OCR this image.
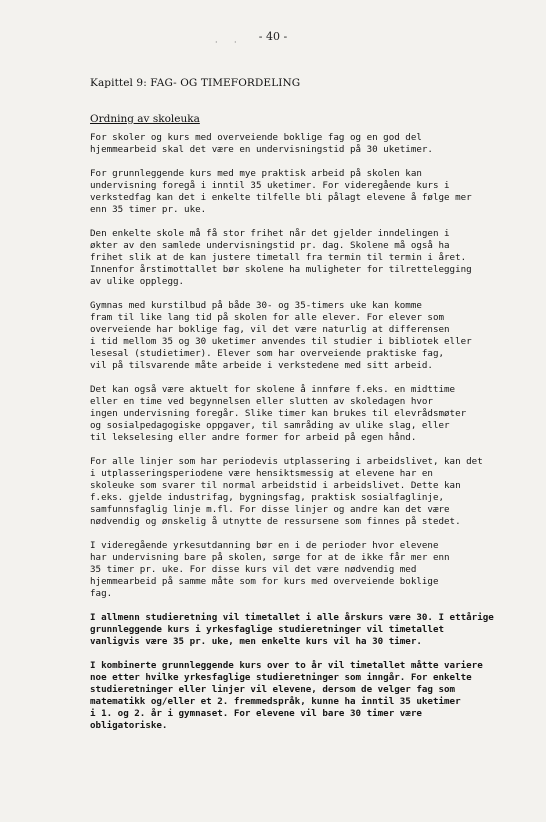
· ·	- 40 -
Kapittel 9: FAG- OG TIMEFORDELING
Ordning av skoleuka
For skoler og kurs med overveiende boklige fag og en god del
hjemmearbeid skal det være en undervisningstid på 30 uketimer.
For grunnleggende kurs med mye praktisk arbeid på skolen kan
undervisning foregå i inntil 35 uketimer. For videregående kurs i
verkstedfag kan det i enkelte tilfelle bli pålagt elevene å følge mer
enn 35 timer pr. uke.
Den enkelte skole må få stor frihet når det gjelder inndelingen i
økter av den samlede undervisningstid pr. dag. Skolene må også ha
frihet slik at de kan justere timetall fra termin til termin i året.
Innenfor årstimottallet bør skolene ha muligheter for tilrettelegging
av ulike opplegg.
Gymnas med kurstilbud på både 30- og 35-timers uke kan komme
fram til like lang tid på skolen for alle elever. For elever som
overveiende har boklige fag, vil det være naturlig at differensen
i tid mellom 35 og 30 uketimer anvendes til studier i bibliotek eller
lesesal (studietimer). Elever som har overveiende praktiske fag,
vil på tilsvarende måte arbeide i verkstedene med sitt arbeid.
Det kan også være aktuelt for skolene å innføre f.eks. en midttime
eller en time ved begynnelsen eller slutten av skoledagen hvor
ingen undervisning foregår. Slike timer kan brukes til elevrådsmøter
og sosialpedagogiske oppgaver, til samråding av ulike slag, eller
til lekselesing eller andre former for arbeid på egen hånd.
For alle linjer som har periodevis utplassering i arbeidslivet, kan det
i utplasseringsperiodene være hensiktsmessig at elevene har en
skoleuke som svarer til normal arbeidstid i arbeidslivet. Dette kan
f.eks. gjelde industrifag, bygningsfag, praktisk sosialfaglinje,
samfunnsfaglig linje m.fl. For disse linjer og andre kan det være
nødvendig og ønskelig å utnytte de ressursene som finnes på stedet.
I videregående yrkesutdanning bør en i de perioder hvor elevene
har undervisning bare på skolen, sørge for at de ikke får mer enn
35 timer pr. uke. For disse kurs vil det være nødvendig med
hjemmearbeid på samme måte som for kurs med overveiende boklige
fag.
I allmenn studieretning vil timetallet i alle årskurs være 30. I ettårige
grunnleggende kurs i yrkesfaglige studieretninger vil timetallet
vanligvis være 35 pr. uke, men enkelte kurs vil ha 30 timer.
I kombinerte grunnleggende kurs over to år vil timetallet måtte variere
noe etter hvilke yrkesfaglige studieretninger som inngår. For enkelte
studieretninger eller linjer vil elevene, dersom de velger fag som
matematikk og/eller et 2. fremmedspråk, kunne ha inntil 35 uketimer
i 1. og 2. år i gymnaset. For elevene vil bare 30 timer være
obligatoriske.
